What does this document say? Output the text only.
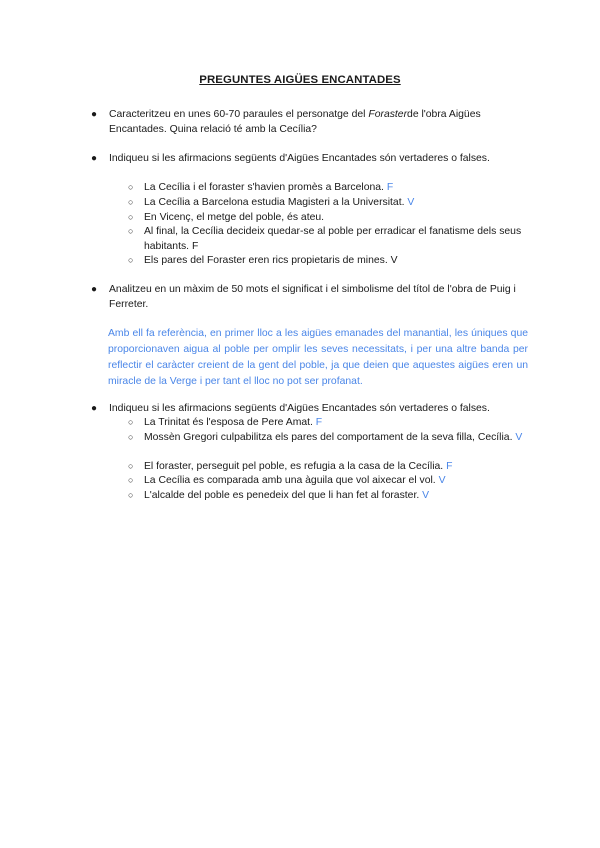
PREGUNTES AIGÜES ENCANTADES
● Caracteritzeu en unes 60-70 paraules el personatge del Forasterde l'obra Aigües Encantades. Quina relació té amb la Cecília?
● Indiqueu si les afirmacions següents d'Aigües Encantades són vertaderes o falses.
○ La Cecília i el foraster s'havien promès a Barcelona. F
○ La Cecília a Barcelona estudia Magisteri a la Universitat. V
○ En Vicenç, el metge del poble, és ateu.
○ Al final, la Cecília decideix quedar-se al poble per erradicar el fanatisme dels seus habitants. F
○ Els pares del Foraster eren rics propietaris de mines. V
● Analitzeu en un màxim de 50 mots el significat i el simbolisme del títol de l'obra de Puig i Ferreter.
Amb ell fa referència, en primer lloc a les aigües emanades del manantial, les úniques que proporcionaven aigua al poble per omplir les seves necessitats, i per una altre banda per reflectir el caràcter creient de la gent del poble, ja que deien que aquestes aigües eren un miracle de la Verge i per tant el lloc no pot ser profanat.
● Indiqueu si les afirmacions següents d'Aigües Encantades són vertaderes o falses.
○ La Trinitat és l'esposa de Pere Amat. F
○ Mossèn Gregori culpabilitza els pares del comportament de la seva filla, Cecília. V
○ El foraster, perseguit pel poble, es refugia a la casa de la Cecília. F
○ La Cecília es comparada amb una àguila que vol aixecar el vol. V
○ L'alcalde del poble es penedeix del que li han fet al foraster. V
